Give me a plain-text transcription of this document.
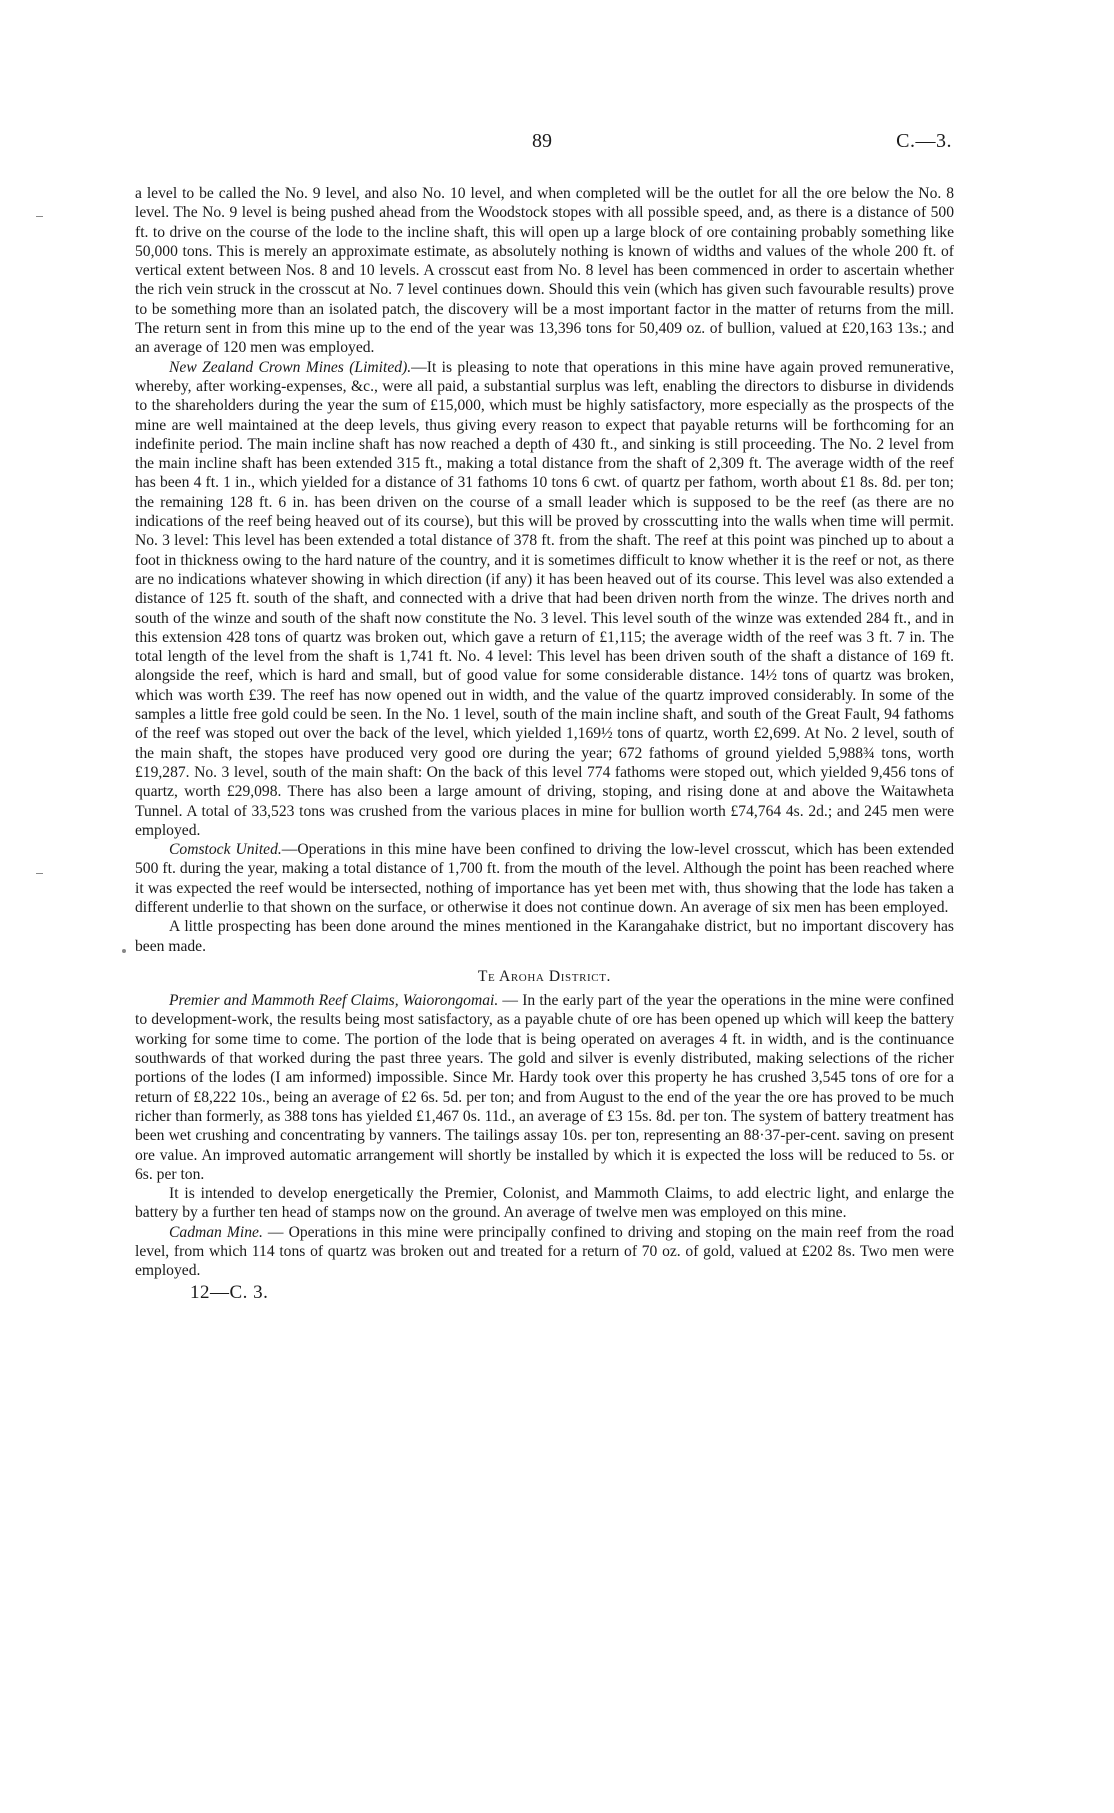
89	C.—3.

a level to be called the No. 9 level, and also No. 10 level, and when completed will be the outlet for all the ore below the No. 8 level. The No. 9 level is being pushed ahead from the Woodstock stopes with all possible speed, and, as there is a distance of 500 ft. to drive on the course of the lode to the incline shaft, this will open up a large block of ore containing probably something like 50,000 tons. This is merely an approximate estimate, as absolutely nothing is known of widths and values of the whole 200 ft. of vertical extent between Nos. 8 and 10 levels. A crosscut east from No. 8 level has been commenced in order to ascertain whether the rich vein struck in the crosscut at No. 7 level continues down. Should this vein (which has given such favourable results) prove to be something more than an isolated patch, the discovery will be a most important factor in the matter of returns from the mill. The return sent in from this mine up to the end of the year was 13,396 tons for 50,409 oz. of bullion, valued at £20,163 13s.; and an average of 120 men was employed.

New Zealand Crown Mines (Limited).—It is pleasing to note that operations in this mine have again proved remunerative, whereby, after working-expenses, &c., were all paid, a substantial surplus was left, enabling the directors to disburse in dividends to the shareholders during the year the sum of £15,000, which must be highly satisfactory, more especially as the prospects of the mine are well maintained at the deep levels, thus giving every reason to expect that payable returns will be forthcoming for an indefinite period. The main incline shaft has now reached a depth of 430 ft., and sinking is still proceeding. The No. 2 level from the main incline shaft has been extended 315 ft., making a total distance from the shaft of 2,309 ft. The average width of the reef has been 4 ft. 1 in., which yielded for a distance of 31 fathoms 10 tons 6 cwt. of quartz per fathom, worth about £1 8s. 8d. per ton; the remaining 128 ft. 6 in. has been driven on the course of a small leader which is supposed to be the reef (as there are no indications of the reef being heaved out of its course), but this will be proved by crosscutting into the walls when time will permit. No. 3 level: This level has been extended a total distance of 378 ft. from the shaft. The reef at this point was pinched up to about a foot in thickness owing to the hard nature of the country, and it is sometimes difficult to know whether it is the reef or not, as there are no indications whatever showing in which direction (if any) it has been heaved out of its course. This level was also extended a distance of 125 ft. south of the shaft, and connected with a drive that had been driven north from the winze. The drives north and south of the winze and south of the shaft now constitute the No. 3 level. This level south of the winze was extended 284 ft., and in this extension 428 tons of quartz was broken out, which gave a return of £1,115; the average width of the reef was 3 ft. 7 in. The total length of the level from the shaft is 1,741 ft. No. 4 level: This level has been driven south of the shaft a distance of 169 ft. alongside the reef, which is hard and small, but of good value for some considerable distance. 14½ tons of quartz was broken, which was worth £39. The reef has now opened out in width, and the value of the quartz improved considerably. In some of the samples a little free gold could be seen. In the No. 1 level, south of the main incline shaft, and south of the Great Fault, 94 fathoms of the reef was stoped out over the back of the level, which yielded 1,169½ tons of quartz, worth £2,699. At No. 2 level, south of the main shaft, the stopes have produced very good ore during the year; 672 fathoms of ground yielded 5,988¾ tons, worth £19,287. No. 3 level, south of the main shaft: On the back of this level 774 fathoms were stoped out, which yielded 9,456 tons of quartz, worth £29,098. There has also been a large amount of driving, stoping, and rising done at and above the Waitawheta Tunnel. A total of 33,523 tons was crushed from the various places in mine for bullion worth £74,764 4s. 2d.; and 245 men were employed.

Comstock United.—Operations in this mine have been confined to driving the low-level crosscut, which has been extended 500 ft. during the year, making a total distance of 1,700 ft. from the mouth of the level. Although the point has been reached where it was expected the reef would be intersected, nothing of importance has yet been met with, thus showing that the lode has taken a different underlie to that shown on the surface, or otherwise it does not continue down. An average of six men has been employed.

A little prospecting has been done around the mines mentioned in the Karangahake district, but no important discovery has been made.

Te Aroha District.

Premier and Mammoth Reef Claims, Waiorongomai. — In the early part of the year the operations in the mine were confined to development-work, the results being most satisfactory, as a payable chute of ore has been opened up which will keep the battery working for some time to come. The portion of the lode that is being operated on averages 4 ft. in width, and is the continuance southwards of that worked during the past three years. The gold and silver is evenly distributed, making selections of the richer portions of the lodes (I am informed) impossible. Since Mr. Hardy took over this property he has crushed 3,545 tons of ore for a return of £8,222 10s., being an average of £2 6s. 5d. per ton; and from August to the end of the year the ore has proved to be much richer than formerly, as 388 tons has yielded £1,467 0s. 11d., an average of £3 15s. 8d. per ton. The system of battery treatment has been wet crushing and concentrating by vanners. The tailings assay 10s. per ton, representing an 88·37-per-cent. saving on present ore value. An improved automatic arrangement will shortly be installed by which it is expected the loss will be reduced to 5s. or 6s. per ton.

It is intended to develop energetically the Premier, Colonist, and Mammoth Claims, to add electric light, and enlarge the battery by a further ten head of stamps now on the ground. An average of twelve men was employed on this mine.

Cadman Mine. — Operations in this mine were principally confined to driving and stoping on the main reef from the road level, from which 114 tons of quartz was broken out and treated for a return of 70 oz. of gold, valued at £202 8s. Two men were employed.

12—C. 3.
